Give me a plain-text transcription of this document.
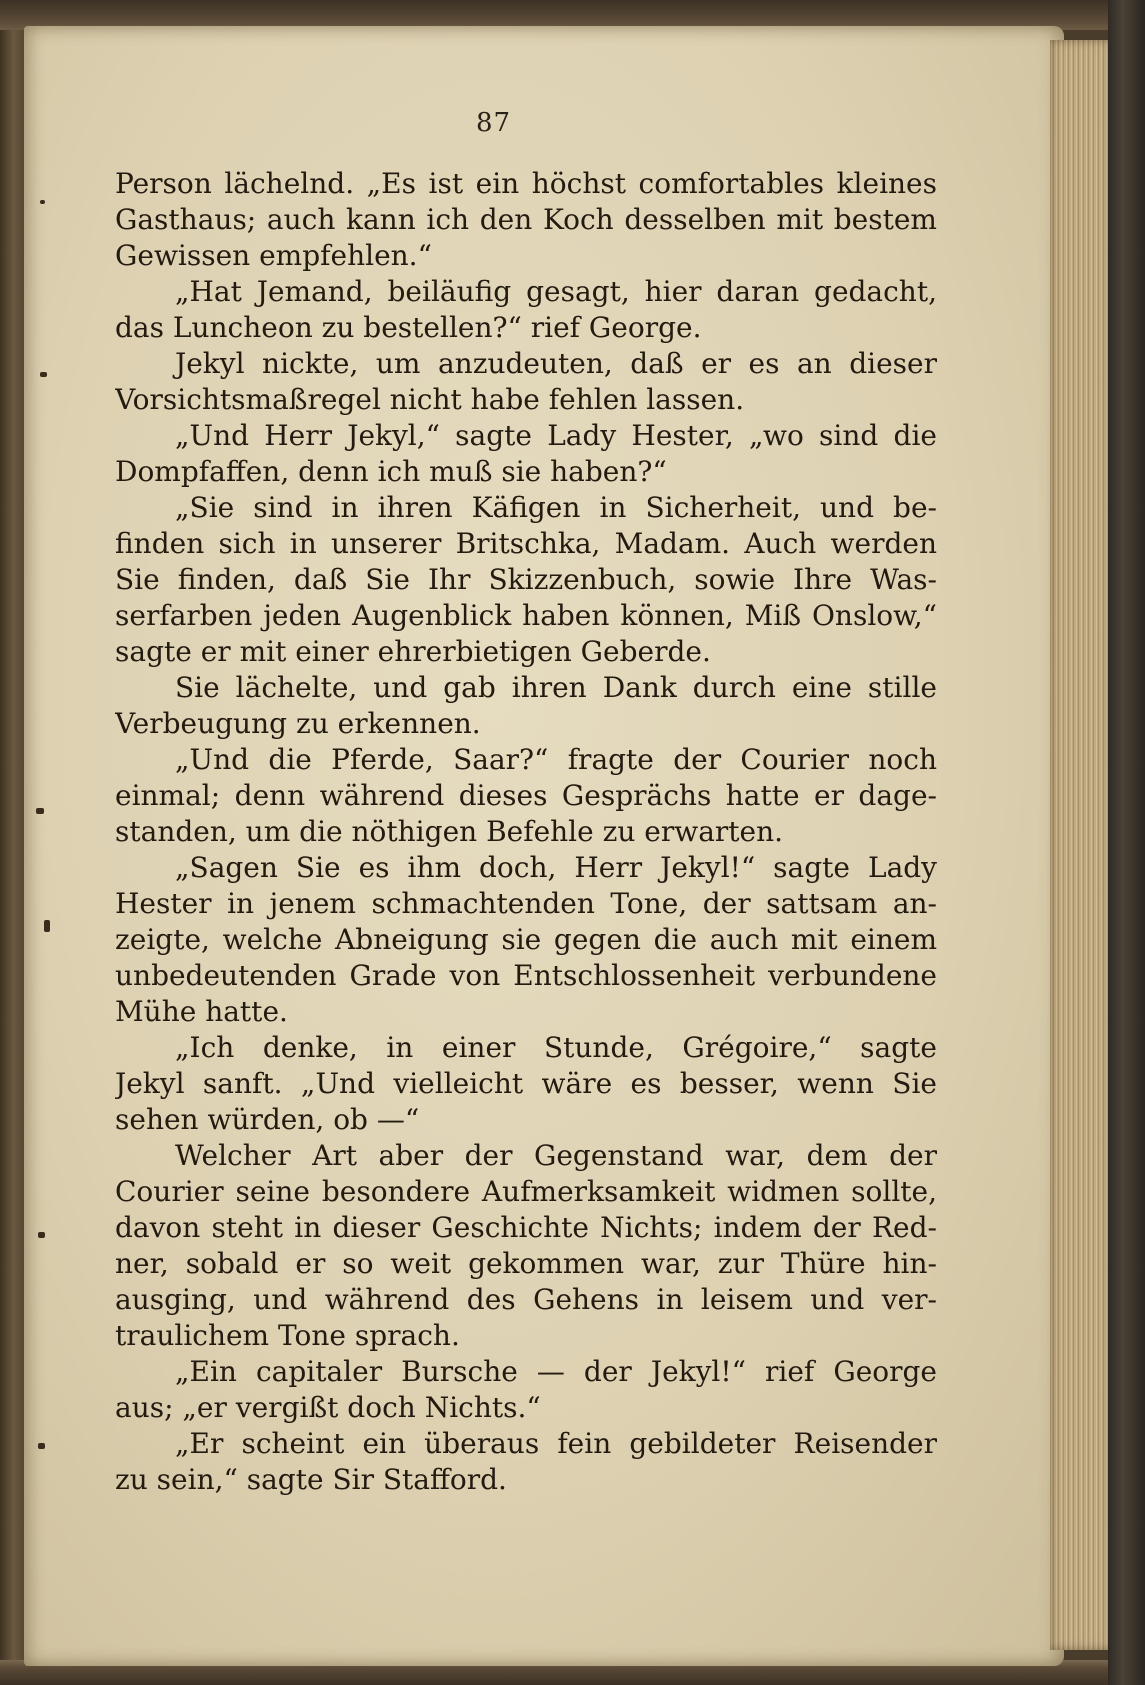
87
Person lächelnd. „Es ist ein höchst comfortables kleines
Gasthaus; auch kann ich den Koch desselben mit bestem
Gewissen empfehlen.“
„Hat Jemand, beiläufig gesagt, hier daran gedacht,
das Luncheon zu bestellen?“ rief George.
Jekyl nickte, um anzudeuten, daß er es an dieser
Vorsichtsmaßregel nicht habe fehlen lassen.
„Und Herr Jekyl,“ sagte Lady Hester, „wo sind die
Dompfaffen, denn ich muß sie haben?“
„Sie sind in ihren Käfigen in Sicherheit, und be-
finden sich in unserer Britschka, Madam. Auch werden
Sie finden, daß Sie Ihr Skizzenbuch, sowie Ihre Was-
serfarben jeden Augenblick haben können, Miß Onslow,“
sagte er mit einer ehrerbietigen Geberde.
Sie lächelte, und gab ihren Dank durch eine stille
Verbeugung zu erkennen.
„Und die Pferde, Saar?“ fragte der Courier noch
einmal; denn während dieses Gesprächs hatte er dage-
standen, um die nöthigen Befehle zu erwarten.
„Sagen Sie es ihm doch, Herr Jekyl!“ sagte Lady
Hester in jenem schmachtenden Tone, der sattsam an-
zeigte, welche Abneigung sie gegen die auch mit einem
unbedeutenden Grade von Entschlossenheit verbundene
Mühe hatte.
„Ich denke, in einer Stunde, Grégoire,“ sagte
Jekyl sanft. „Und vielleicht wäre es besser, wenn Sie
sehen würden, ob —“
Welcher Art aber der Gegenstand war, dem der
Courier seine besondere Aufmerksamkeit widmen sollte,
davon steht in dieser Geschichte Nichts; indem der Red-
ner, sobald er so weit gekommen war, zur Thüre hin-
ausging, und während des Gehens in leisem und ver-
traulichem Tone sprach.
„Ein capitaler Bursche — der Jekyl!“ rief George
aus; „er vergißt doch Nichts.“
„Er scheint ein überaus fein gebildeter Reisender
zu sein,“ sagte Sir Stafford.
